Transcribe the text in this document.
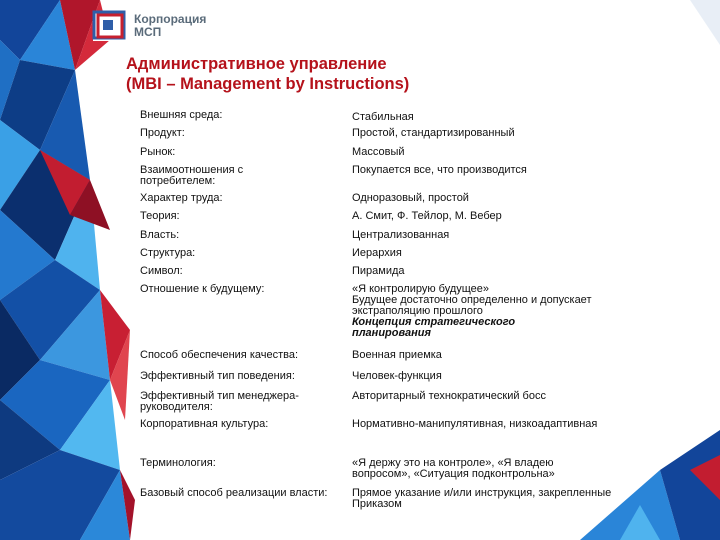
Корпорация
МСП
Административное управление
(MBI – Management by Instructions)
Внешняя среда:	Стабильная
Продукт:	Простой, стандартизированный
Рынок:	Массовый
Взаимоотношения с потребителем:
Покупается все, что производится
Характер труда:	Одноразовый, простой
Теория:	А. Смит, Ф. Тейлор, М. Вебер
Власть:	Централизованная
Структура:	Иерархия
Символ:	Пирамида
Отношение к будущему:	«Я контролирую будущее»
Будущее достаточно определенно и допускает экстраполяцию прошлого
Концепция стратегического планирования
Способ обеспечения качества:	Военная приемка
Эффективный тип поведения:	Человек-функция
Эффективный тип менеджера-руководителя:
Авторитарный технократический босс
Корпоративная культура:	Нормативно-манипулятивная, низкоадаптивная
Терминология:	«Я держу это на контроле», «Я владею вопросом», «Ситуация подконтрольна»
Базовый способ реализации власти: Прямое указание и/или инструкция, закрепленные Приказом
